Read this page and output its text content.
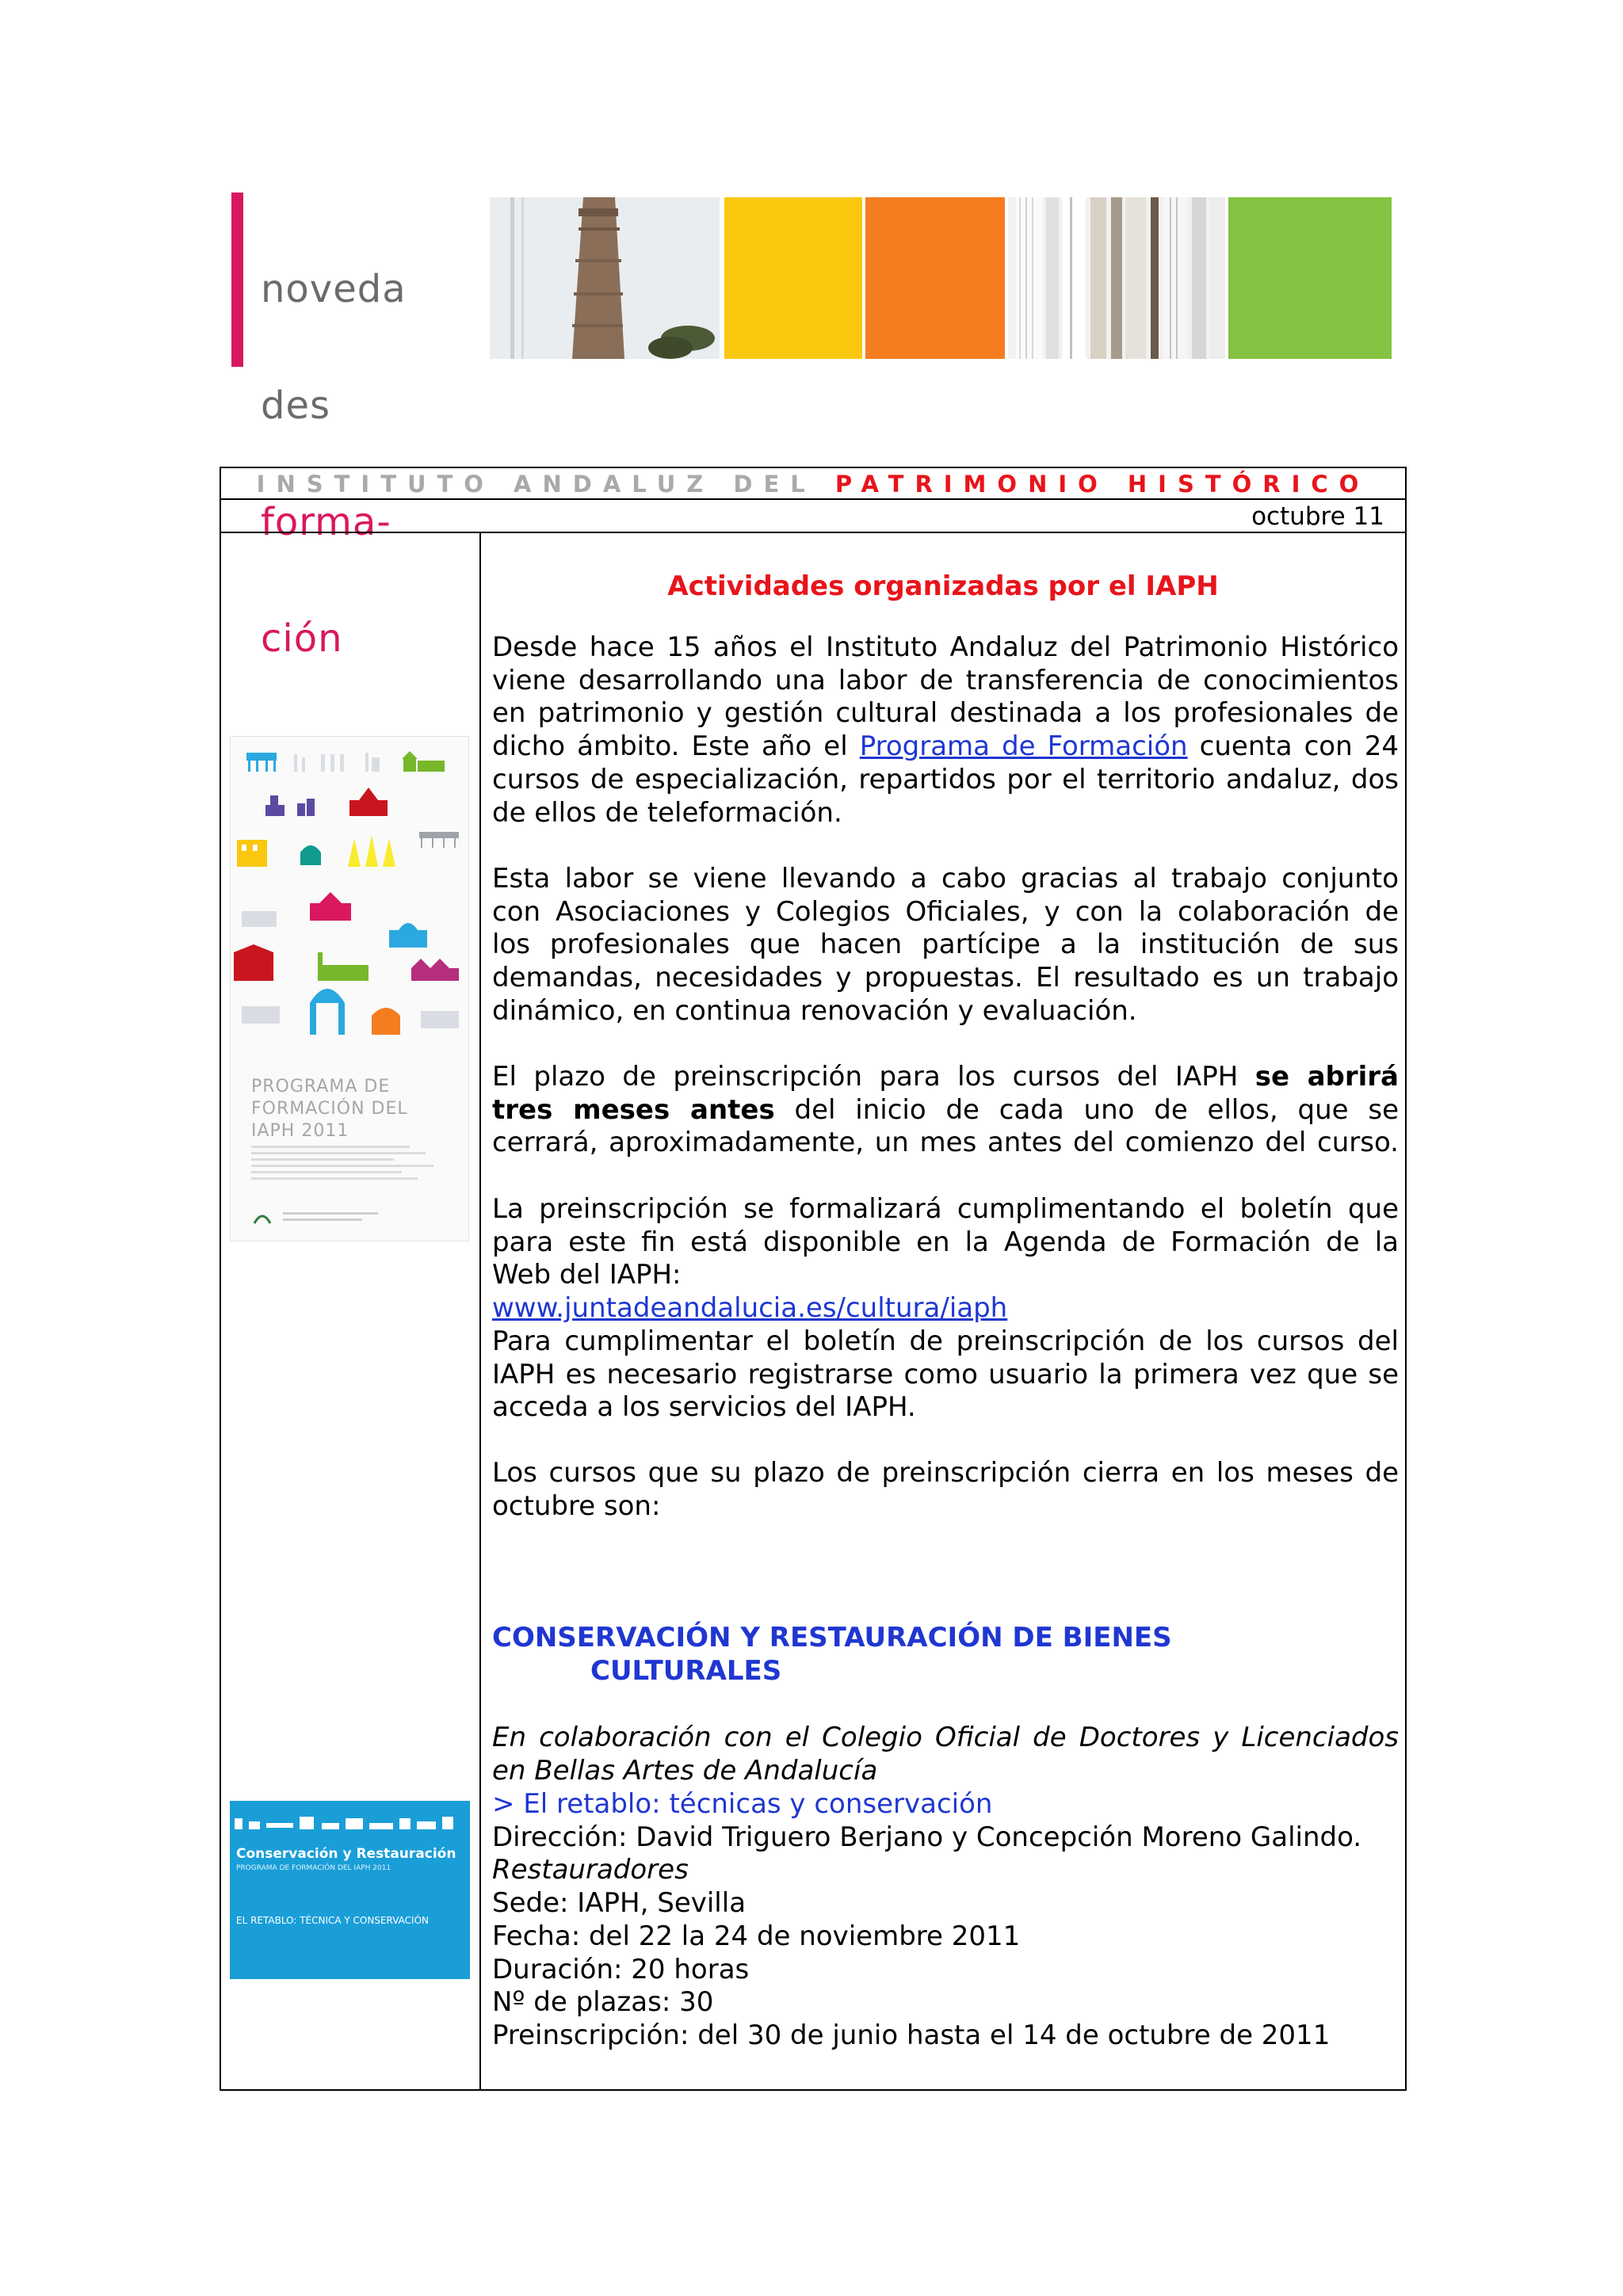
noveda

des

forma-

ción

INSTITUTO ANDALUZ DEL PATRIMONIO HISTÓRICO
octubre 11
PROGRAMA DE
FORMACIÓN DEL
IAPH 2011
Conservación y Restauración
PROGRAMA DE FORMACIÓN DEL IAPH 2011
EL RETABLO: TÉCNICA Y CONSERVACIÓN
Actividades organizadas por el IAPH
Desde hace 15 años el Instituto Andaluz del Patrimonio Histórico
viene desarrollando una labor de transferencia de conocimientos
en patrimonio y gestión cultural destinada a los profesionales de
dicho ámbito. Este año el Programa de Formación cuenta con 24
cursos de especialización, repartidos por el territorio andaluz, dos
de ellos de teleformación.
Esta labor se viene llevando a cabo gracias al trabajo conjunto
con Asociaciones y Colegios Oficiales, y con la colaboración de
los profesionales que hacen partícipe a la institución de sus
demandas, necesidades y propuestas. El resultado es un trabajo
dinámico, en continua renovación y evaluación.
El plazo de preinscripción para los cursos del IAPH se abrirá
tres meses antes del inicio de cada uno de ellos, que se
cerrará, aproximadamente, un mes antes del comienzo del curso.
La preinscripción se formalizará cumplimentando el boletín que
para este fin está disponible en la Agenda de Formación de la
Web del IAPH:
www.juntadeandalucia.es/cultura/iaph
Para cumplimentar el boletín de preinscripción de los cursos del
IAPH es necesario registrarse como usuario la primera vez que se
acceda a los servicios del IAPH.
Los cursos que su plazo de preinscripción cierra en los meses de
octubre son:
CONSERVACIÓN Y RESTAURACIÓN DE BIENES
CULTURALES
En colaboración con el Colegio Oficial de Doctores y Licenciados
en Bellas Artes de Andalucía
> El retablo: técnicas y conservación
Dirección: David Triguero Berjano y Concepción Moreno Galindo.
Restauradores
Sede: IAPH, Sevilla
Fecha: del 22 la 24 de noviembre 2011
Duración: 20 horas
Nº de plazas: 30
Preinscripción: del 30 de junio hasta el 14 de octubre de 2011
